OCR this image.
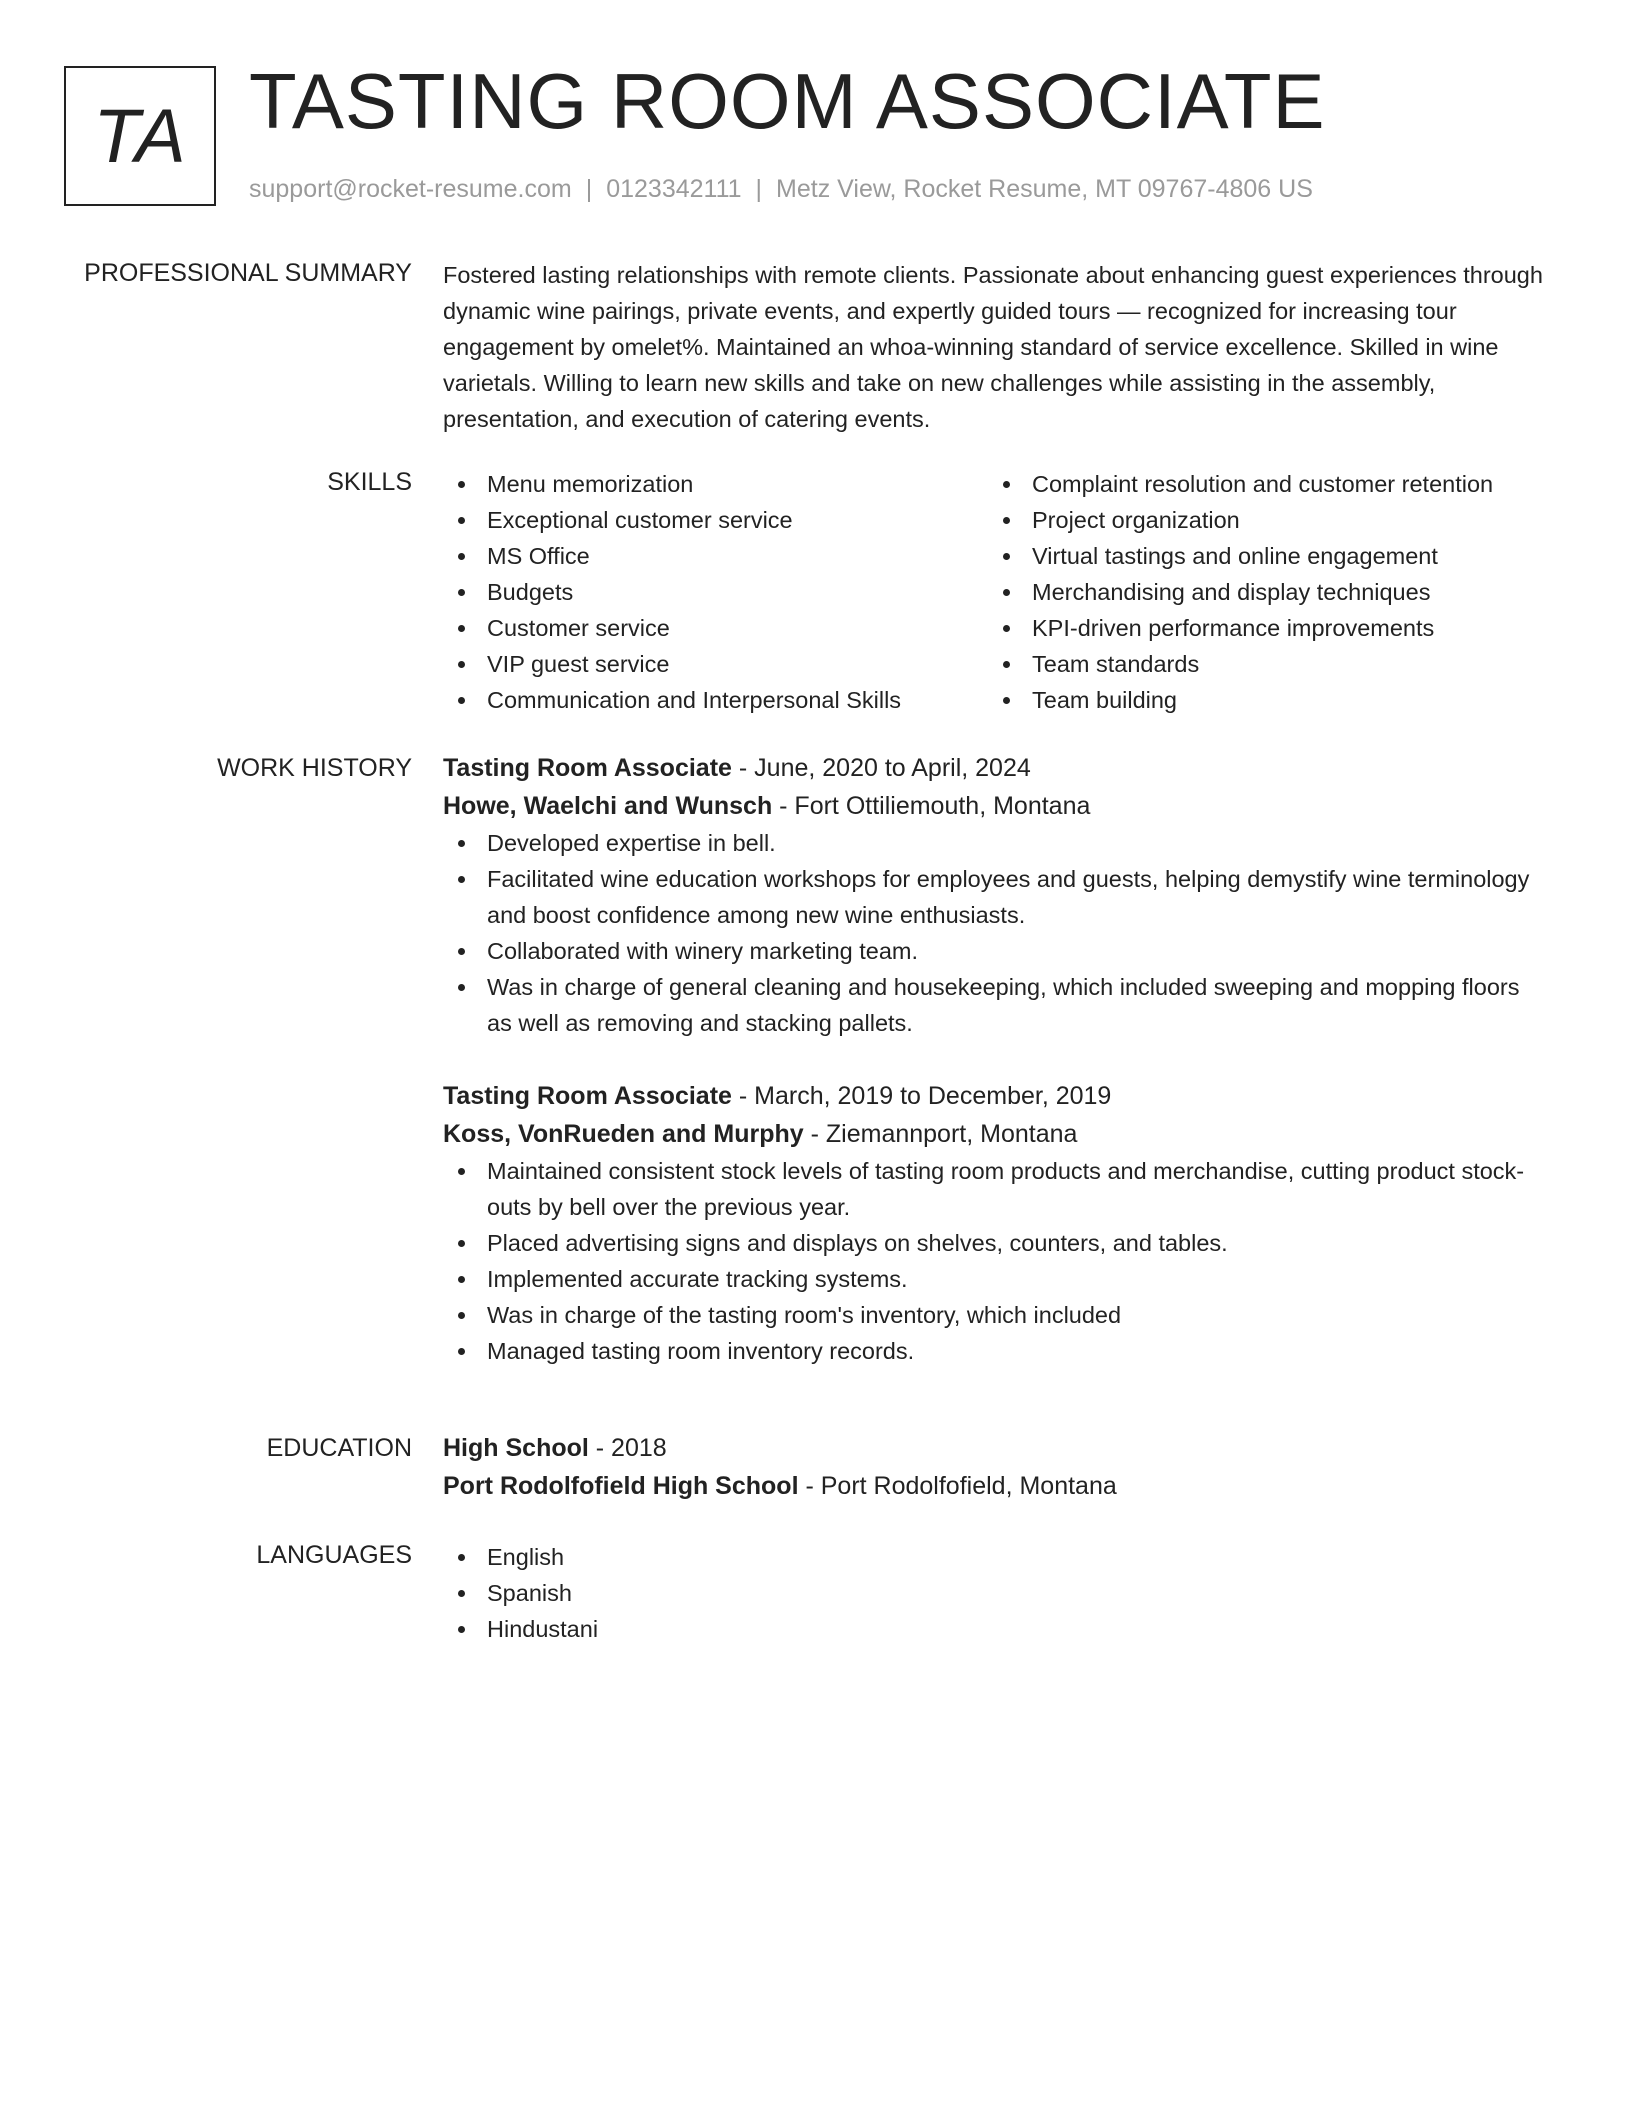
TA TASTING ROOM ASSOCIATE
support@rocket-resume.com | 0123342111 | Metz View, Rocket Resume, MT 09767-4806 US
PROFESSIONAL SUMMARY Fostered lasting relationships with remote clients. Passionate about enhancing guest experiences through dynamic wine pairings, private events, and expertly guided tours — recognized for increasing tour engagement by omelet%. Maintained an whoa-winning standard of service excellence. Skilled in wine varietals. Willing to learn new skills and take on new challenges while assisting in the assembly, presentation, and execution of catering events.

SKILLS	Menu memorization
Exceptional customer service
MS Office
Budgets
Customer service
VIP guest service
Communication and Interpersonal Skills
Complaint resolution and customer retention
Project organization
Virtual tastings and online engagement
Merchandising and display techniques
KPI-driven performance improvements
Team standards
Team building
WORK HISTORY Tasting Room Associate - June, 2020 to April, 2024
Howe, Waelchi and Wunsch - Fort Ottiliemouth, Montana
Developed expertise in bell.
Facilitated wine education workshops for employees and guests, helping demystify wine terminology and boost confidence among new wine enthusiasts.
Collaborated with winery marketing team.
Was in charge of general cleaning and housekeeping, which included sweeping and mopping floors as well as removing and stacking pallets.
Tasting Room Associate - March, 2019 to December, 2019
Koss, VonRueden and Murphy - Ziemannport, Montana
Maintained consistent stock levels of tasting room products and merchandise, cutting product stock-outs by bell over the previous year.
Placed advertising signs and displays on shelves, counters, and tables.
Implemented accurate tracking systems.
Was in charge of the tasting room's inventory, which included
Managed tasting room inventory records.
EDUCATION High School - 2018
Port Rodolfofield High School - Port Rodolfofield, Montana
LANGUAGES	English
Spanish
Hindustani
